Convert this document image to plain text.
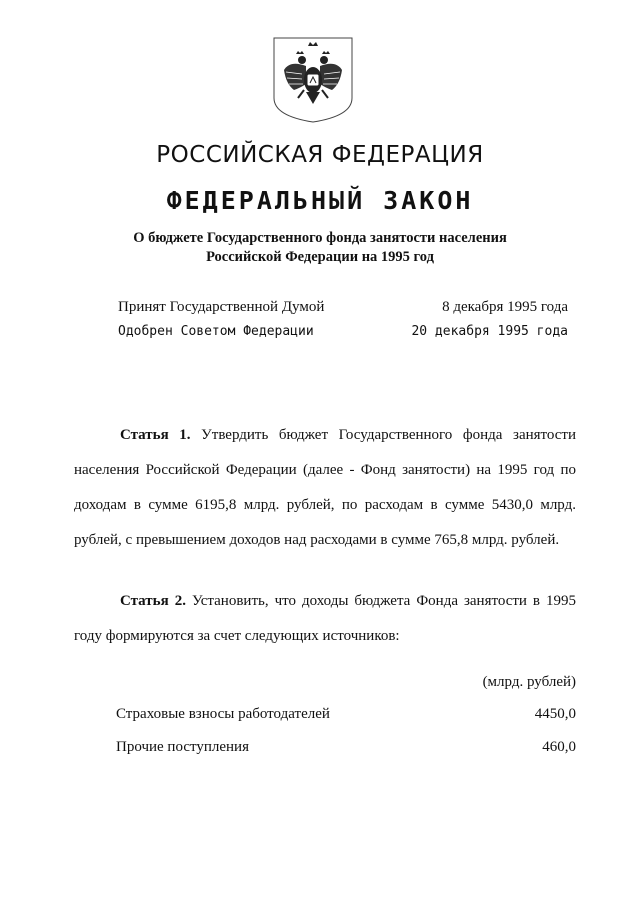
РОССИЙСКАЯ ФЕДЕРАЦИЯ
ФЕДЕРАЛЬНЫЙ ЗАКОН
О бюджете Государственного фонда занятости населения
Российской Федерации на 1995 год
Принят Государственной Думой	8 декабря 1995 года
Одобрен Советом Федерации	20 декабря 1995 года
Статья 1. Утвердить бюджет Государственного фонда занятости населения Российской Федерации (далее - Фонд занятости) на 1995 год по доходам в сумме 6195,8 млрд. рублей, по расходам в сумме 5430,0 млрд. рублей, с превышением доходов над расходами в сумме 765,8 млрд. рублей.
Статья 2. Установить, что доходы бюджета Фонда занятости в 1995 году формируются за счет следующих источников:
(млрд. рублей)
Страховые взносы работодателей	4450,0
Прочие поступления	460,0
